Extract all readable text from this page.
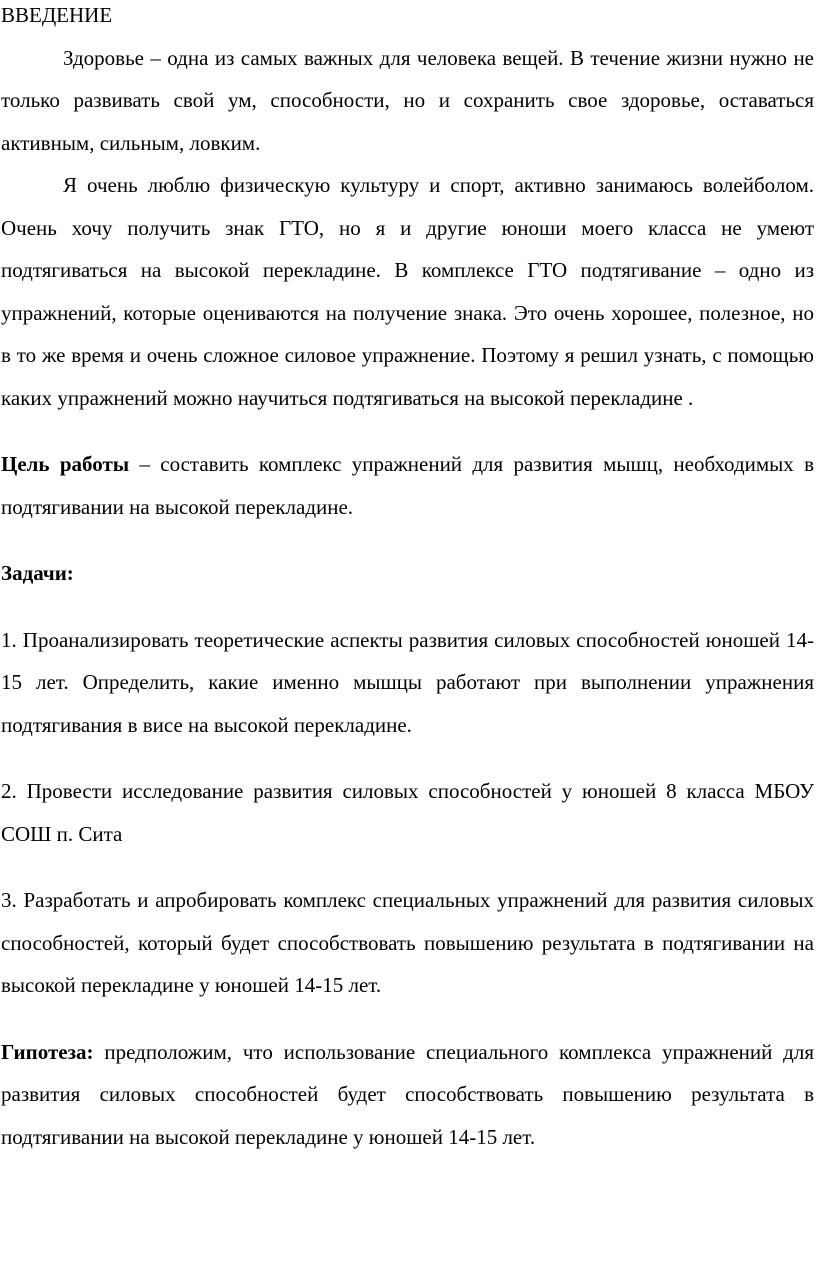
ВВЕДЕНИЕ

Здоровье – одна из самых важных для человека вещей. В течение жизни нужно не только развивать свой ум, способности, но и сохранить свое здоровье, оставаться активным, сильным, ловким.

Я очень люблю физическую культуру и спорт, активно занимаюсь волейболом. Очень хочу получить знак ГТО, но я и другие юноши моего класса не умеют подтягиваться на высокой перекладине. В комплексе ГТО подтягивание – одно из упражнений, которые оцениваются на получение знака. Это очень хорошее, полезное, но в то же время и очень сложное силовое упражнение. Поэтому я решил узнать, с помощью каких упражнений можно научиться подтягиваться на высокой перекладине .

Цель работы – составить комплекс упражнений для развития мышц, необходимых в подтягивании на высокой перекладине.

Задачи:

1. Проанализировать теоретические аспекты развития силовых способностей юношей 14-15 лет. Определить, какие именно мышцы работают при выполнении упражнения подтягивания в висе на высокой перекладине.

2. Провести исследование развития силовых способностей у юношей 8 класса МБОУ СОШ п. Сита

3. Разработать и апробировать комплекс специальных упражнений для развития силовых способностей, который будет способствовать повышению результата в подтягивании на высокой перекладине у юношей 14-15 лет.

Гипотеза: предположим, что использование специального комплекса упражнений для развития силовых способностей будет способствовать повышению результата в подтягивании на высокой перекладине у юношей 14-15 лет.
